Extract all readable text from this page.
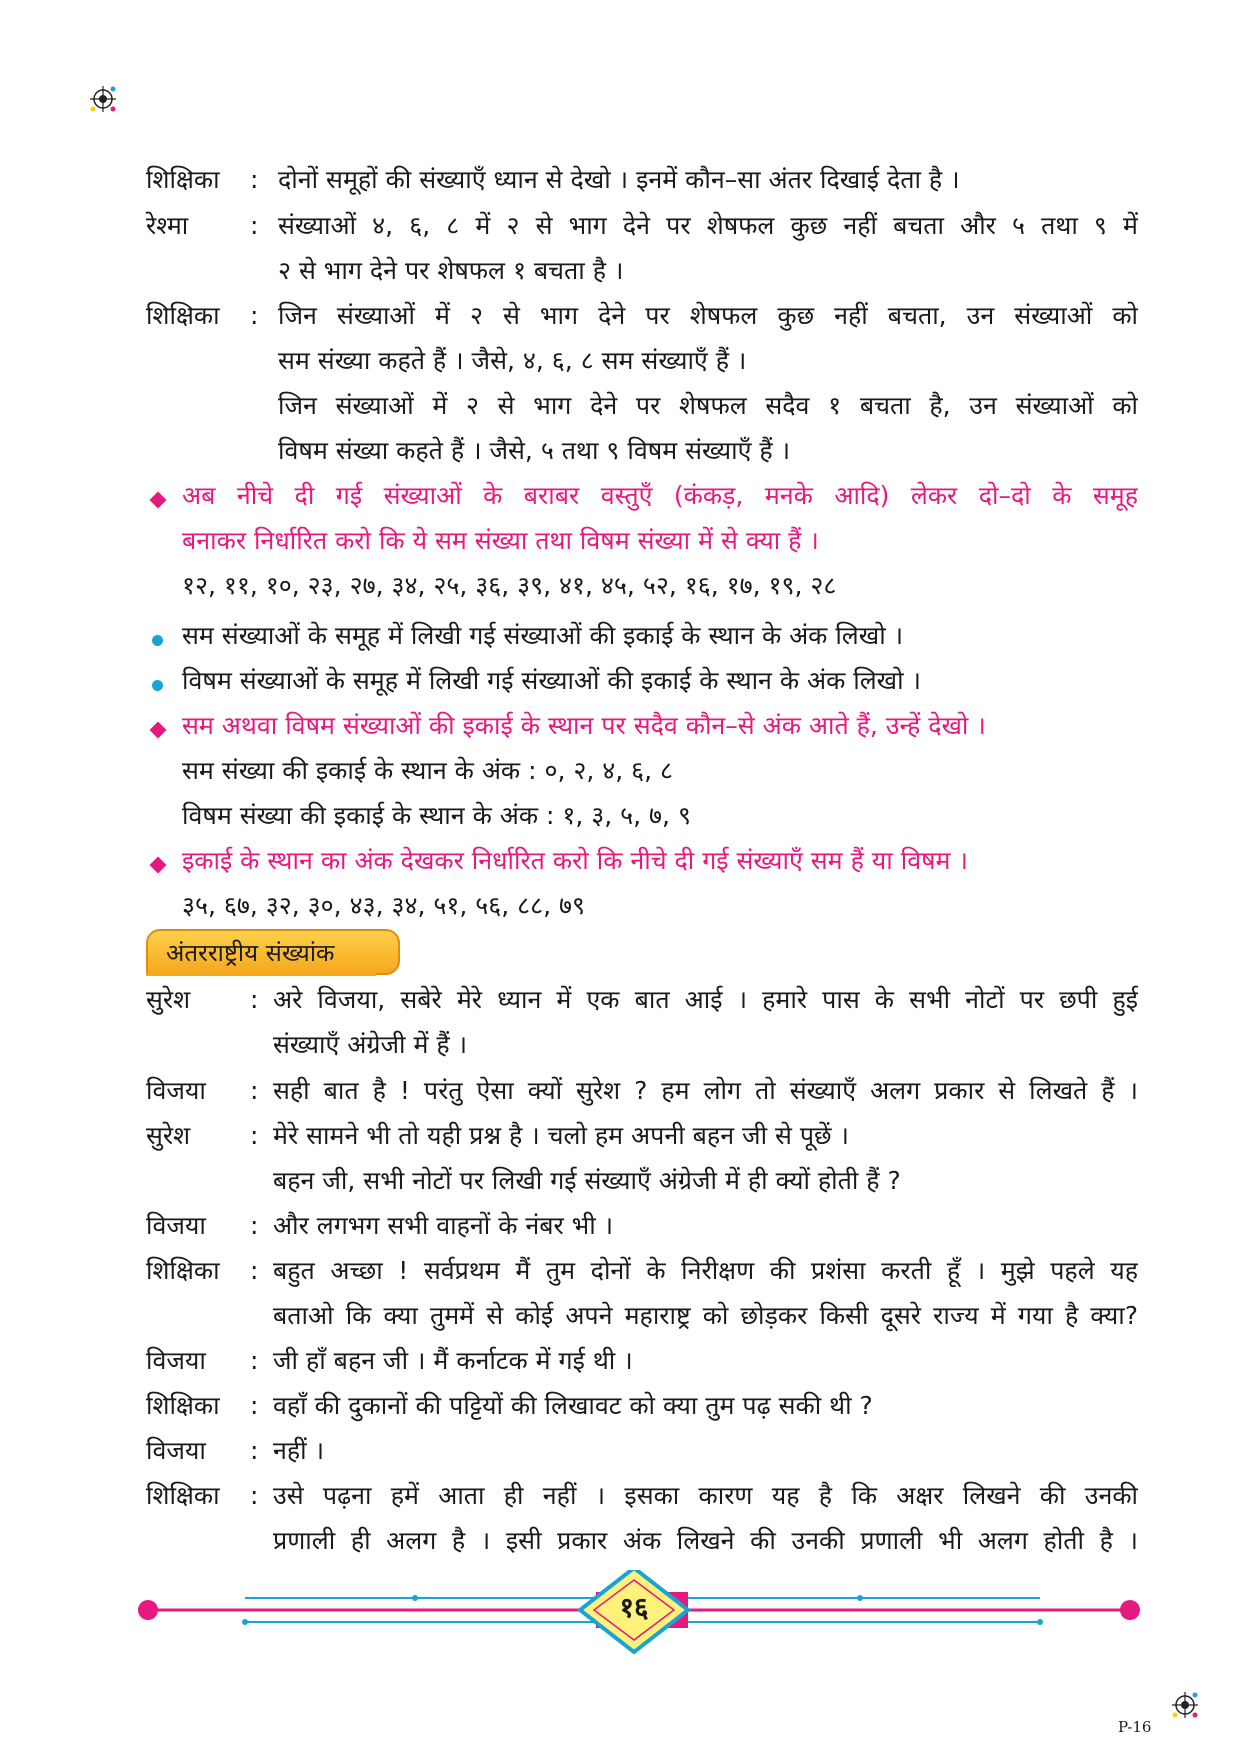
शिक्षिका : दोनों समूहों की संख्याएँ ध्यान से देखो । इनमें कौन–सा अंतर दिखाई देता है ।
रेश्मा : संख्याओं ४, ६, ८ में २ से भाग देने पर शेषफल कुछ नहीं बचता और ५ तथा ९ में
२ से भाग देने पर शेषफल १ बचता है ।
शिक्षिका : जिन संख्याओं में २ से भाग देने पर शेषफल कुछ नहीं बचता, उन संख्याओं को
सम संख्या कहते हैं । जैसे, ४, ६, ८ सम संख्याएँ हैं ।
जिन संख्याओं में २ से भाग देने पर शेषफल सदैव १ बचता है, उन संख्याओं को
विषम संख्या कहते हैं । जैसे, ५ तथा ९ विषम संख्याएँ हैं ।
अब नीचे दी गई संख्याओं के बराबर वस्तुएँ (कंकड़, मनके आदि) लेकर दो–दो के समूह
बनाकर निर्धारित करो कि ये सम संख्या तथा विषम संख्या में से क्या हैं ।
१२, ११, १०, २३, २७, ३४, २५, ३६, ३९, ४१, ४५, ५२, १६, १७, १९, २८
सम संख्याओं के समूह में लिखी गई संख्याओं की इकाई के स्थान के अंक लिखो ।
विषम संख्याओं के समूह में लिखी गई संख्याओं की इकाई के स्थान के अंक लिखो ।
सम अथवा विषम संख्याओं की इकाई के स्थान पर सदैव कौन–से अंक आते हैं, उन्हें देखो ।
सम संख्या की इकाई के स्थान के अंक : ०, २, ४, ६, ८
विषम संख्या की इकाई के स्थान के अंक : १, ३, ५, ७, ९
इकाई के स्थान का अंक देखकर निर्धारित करो कि नीचे दी गई संख्याएँ सम हैं या विषम ।
३५, ६७, ३२, ३०, ४३, ३४, ५१, ५६, ८८, ७९
अंतरराष्ट्रीय संख्यांक
सुरेश : अरे विजया, सबेरे मेरे ध्यान में एक बात आई । हमारे पास के सभी नोटों पर छपी हुई
संख्याएँ अंग्रेजी में हैं ।
विजया : सही बात है ! परंतु ऐसा क्यों सुरेश ? हम लोग तो संख्याएँ अलग प्रकार से लिखते हैं ।
सुरेश : मेरे सामने भी तो यही प्रश्न है । चलो हम अपनी बहन जी से पूछें ।
बहन जी, सभी नोटों पर लिखी गई संख्याएँ अंग्रेजी में ही क्यों होती हैं ?
विजया : और लगभग सभी वाहनों के नंबर भी ।
शिक्षिका : बहुत अच्छा ! सर्वप्रथम मैं तुम दोनों के निरीक्षण की प्रशंसा करती हूँ । मुझे पहले यह
बताओ कि क्या तुममें से कोई अपने महाराष्ट्र को छोड़कर किसी दूसरे राज्य में गया है क्या?
विजया : जी हाँ बहन जी । मैं कर्नाटक में गई थी ।
शिक्षिका : वहाँ की दुकानों की पट्टियों की लिखावट को क्या तुम पढ़ सकी थी ?
विजया : नहीं ।
शिक्षिका : उसे पढ़ना हमें आता ही नहीं । इसका कारण यह है कि अक्षर लिखने की उनकी
प्रणाली ही अलग है । इसी प्रकार अंक लिखने की उनकी प्रणाली भी अलग होती है ।
१६
P-16
